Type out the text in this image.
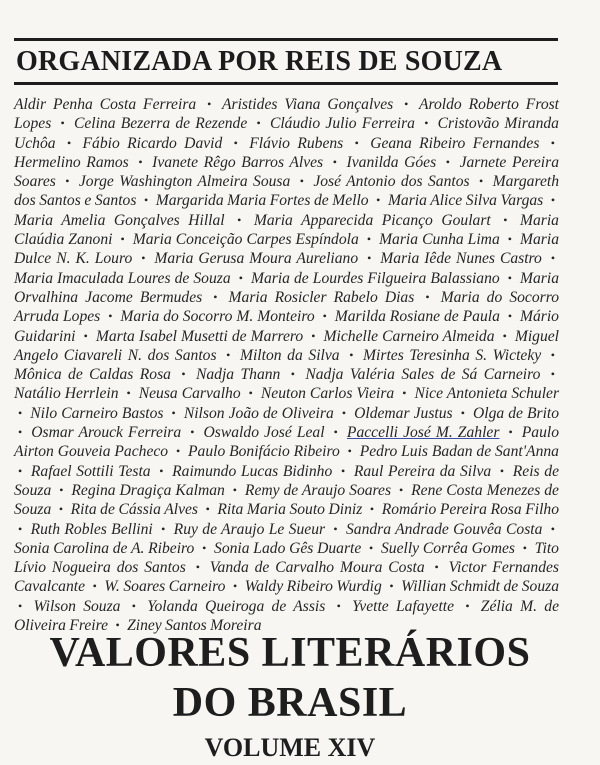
ORGANIZADA POR REIS DE SOUZA
Aldir Penha Costa Ferreira • Aristides Viana Gonçalves • Aroldo Roberto Frost Lopes • Celina Bezerra de Rezende • Cláudio Julio Ferreira • Cristovão Miranda Uchôa • Fábio Ricardo David • Flávio Rubens • Geana Ribeiro Fernandes • Hermelino Ramos • Ivanete Rêgo Barros Alves • Ivanilda Góes • Jarnete Pereira Soares • Jorge Washington Almeira Sousa • José Antonio dos Santos • Margareth dos Santos e Santos • Margarida Maria Fortes de Mello • Maria Alice Silva Vargas • Maria Amelia Gonçalves Hillal • Maria Apparecida Picanço Goulart • Maria Claúdia Zanoni • Maria Conceição Carpes Espíndola • Maria Cunha Lima • Maria Dulce N. K. Louro • Maria Gerusa Moura Aureliano • Maria Iêde Nunes Castro • Maria Imaculada Loures de Souza • Maria de Lourdes Filgueira Balassiano • Maria Orvalhina Jacome Bermudes • Maria Rosicler Rabelo Dias • Maria do Socorro Arruda Lopes • Maria do Socorro M. Monteiro • Marilda Rosiane de Paula • Mário Guidarini • Marta Isabel Musetti de Marrero • Michelle Carneiro Almeida • Miguel Angelo Ciavareli N. dos Santos • Milton da Silva • Mirtes Teresinha S. Wicteky • Mônica de Caldas Rosa • Nadja Thann • Nadja Valéria Sales de Sá Carneiro • Natálio Herrlein • Neusa Carvalho • Neuton Carlos Vieira • Nice Antonieta Schuler • Nilo Carneiro Bastos • Nilson João de Oliveira • Oldemar Justus • Olga de Brito • Osmar Arouck Ferreira • Oswaldo José Leal • Paccelli José M. Zahler • Paulo Airton Gouveia Pacheco • Paulo Bonifácio Ribeiro • Pedro Luis Badan de Sant'Anna • Rafael Sottili Testa • Raimundo Lucas Bidinho • Raul Pereira da Silva • Reis de Souza • Regina Dragiça Kalman • Remy de Araujo Soares • Rene Costa Menezes de Souza • Rita de Cássia Alves • Rita Maria Souto Diniz • Romário Pereira Rosa Filho • Ruth Robles Bellini • Ruy de Araujo Le Sueur • Sandra Andrade Gouvêa Costa • Sonia Carolina de A. Ribeiro • Sonia Lado Gês Duarte • Suelly Corrêa Gomes • Tito Lívio Nogueira dos Santos • Vanda de Carvalho Moura Costa • Victor Fernandes Cavalcante • W. Soares Carneiro • Waldy Ribeiro Wurdig • Willian Schmidt de Souza • Wilson Souza • Yolanda Queiroga de Assis • Yvette Lafayette • Zélia M. de Oliveira Freire • Ziney Santos Moreira
VALORES LITERÁRIOS
DO BRASIL
VOLUME XIV
